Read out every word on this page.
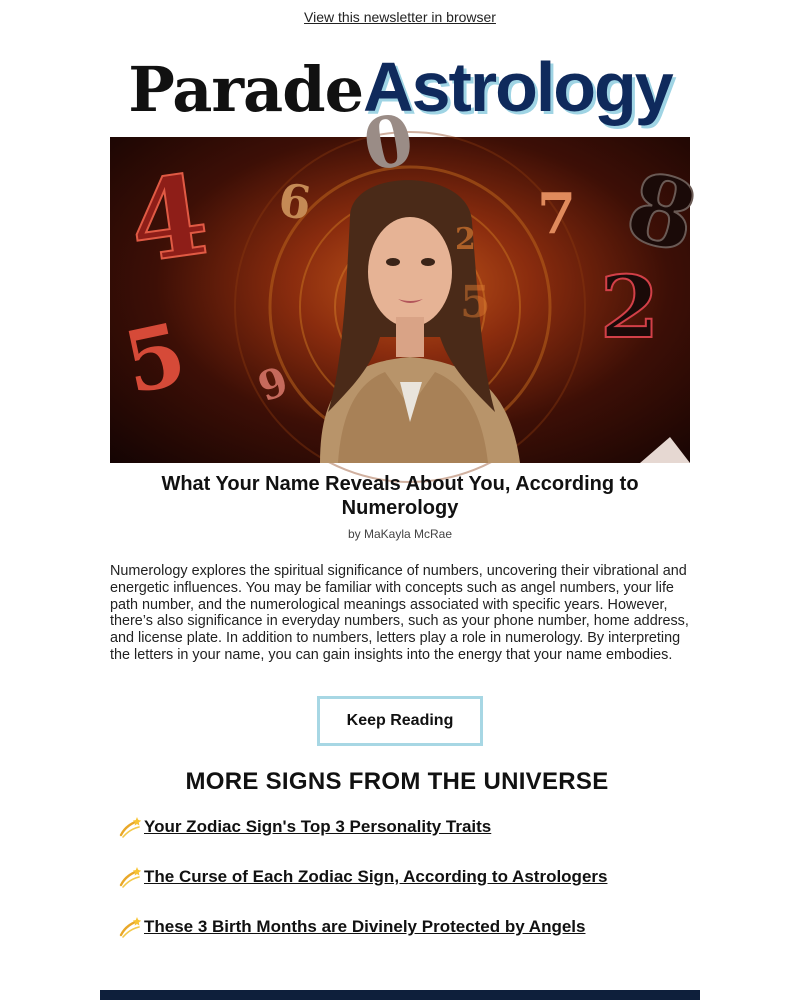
View this newsletter in browser
ParadeAstrology
4 6
0
7 8
2
5 9
2
5
What Your Name Reveals About You, According to Numerology
by MaKayla McRae

Numerology explores the spiritual significance of numbers, uncovering their vibrational and energetic influences. You may be familiar with concepts such as angel numbers, your life path number, and the numerological meanings associated with specific years. However, there’s also significance in everyday numbers, such as your phone number, home address, and license plate. In addition to numbers, letters play a role in numerology. By interpreting the letters in your name, you can gain insights into the energy that your name embodies.

Keep Reading
MORE SIGNS FROM THE UNIVERSE
Your Zodiac Sign's Top 3 Personality Traits
The Curse of Each Zodiac Sign, According to Astrologers
These 3 Birth Months are Divinely Protected by Angels
